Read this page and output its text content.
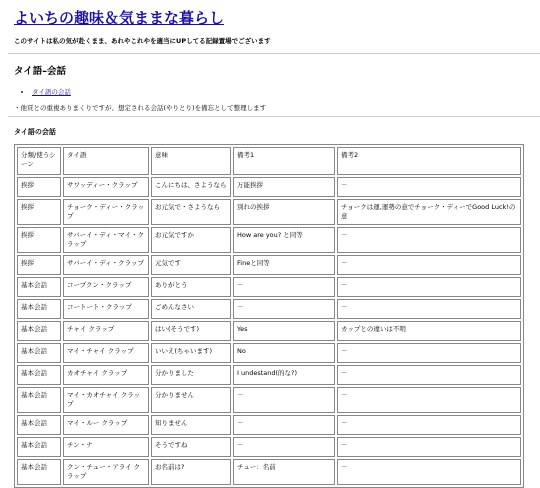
よいちの趣味＆気ままな暮らし
このサイトは私の気が赴くまま、あれやこれやを適当にUPしてる記録置場でございます
タイ語–会話
• タイ語の会話
・他頁との重複ありまくりですが、想定される会話(やりとり)を備忘として整理します
タイ語の会話
分類/使うシーン	タイ語	意味	備考1	備考2
挨拶	サワッディー・クラップ	こんにちは、さようなら	万能挨拶	－
挨拶	チョーク・ディー・クラップ	お元気で・さようなら	別れの挨拶	チョークは運,運勢の意でチョーク・ディーでGood Luck!の意
挨拶	サバーイ・ディ・マイ・クラップ	お元気ですか	How are you? と同等	－
挨拶	サバーイ・ディ・クラップ	元気です	Fineと同等	－
基本会話	コープクン・クラップ	ありがとう	－	－
基本会話	コートート・クラップ	ごめんなさい	－	－
基本会話	チャイ クラップ	はい(そうです)	Yes	カップとの違いは不明
基本会話	マイ・チャイ クラップ	いいえ(ちゃいます)	No	－
基本会話	カオチャイ クラップ	分かりました	I undestand(的な?)	－
基本会話	マイ・カオチャイ クラップ	分かりません	－	－
基本会話	マイ・ルー クラップ	知りません	－	－
基本会話	チン・ナ	そうですね	－	－
基本会話	クン・チュー・アライ クラップ	お名前は?	チュー：名前	－
